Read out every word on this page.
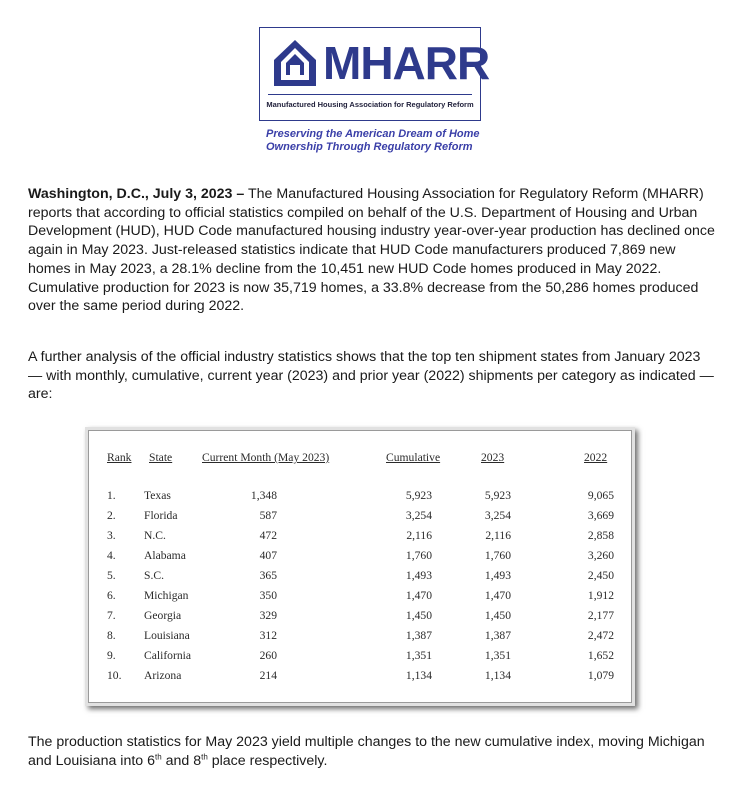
MHARR
Manufactured Housing Association for Regulatory Reform
Preserving the American Dream of Home
Ownership Through Regulatory Reform
Washington, D.C., July 3, 2023 – The Manufactured Housing Association for Regulatory Reform (MHARR) reports that according to official statistics compiled on behalf of the U.S. Department of Housing and Urban Development (HUD), HUD Code manufactured housing industry year-over-year production has declined once again in May 2023. Just-released statistics indicate that HUD Code manufacturers produced 7,869 new homes in May 2023, a 28.1% decline from the 10,451 new HUD Code homes produced in May 2022. Cumulative production for 2023 is now 35,719 homes, a 33.8% decrease from the 50,286 homes produced over the same period during 2022.
A further analysis of the official industry statistics shows that the top ten shipment states from January 2023 — with monthly, cumulative, current year (2023) and prior year (2022) shipments per category as indicated — are:
Rank State	Current Month (May 2023)	Cumulative	2023	2022
1. Texas	1,348	5,923	5,923	9,065
2. Florida	587	3,254	3,254	3,669
3. N.C.	472	2,116	2,116	2,858
4. Alabama	407	1,760	1,760	3,260
5. S.C.	365	1,493	1,493	2,450
6. Michigan	350	1,470	1,470	1,912
7. Georgia	329	1,450	1,450	2,177
8. Louisiana	312	1,387	1,387	2,472
9. California	260	1,351	1,351	1,652
10. Arizona	214	1,134	1,134	1,079
The production statistics for May 2023 yield multiple changes to the new cumulative index, moving Michigan and Louisiana into 6th and 8th place respectively.
